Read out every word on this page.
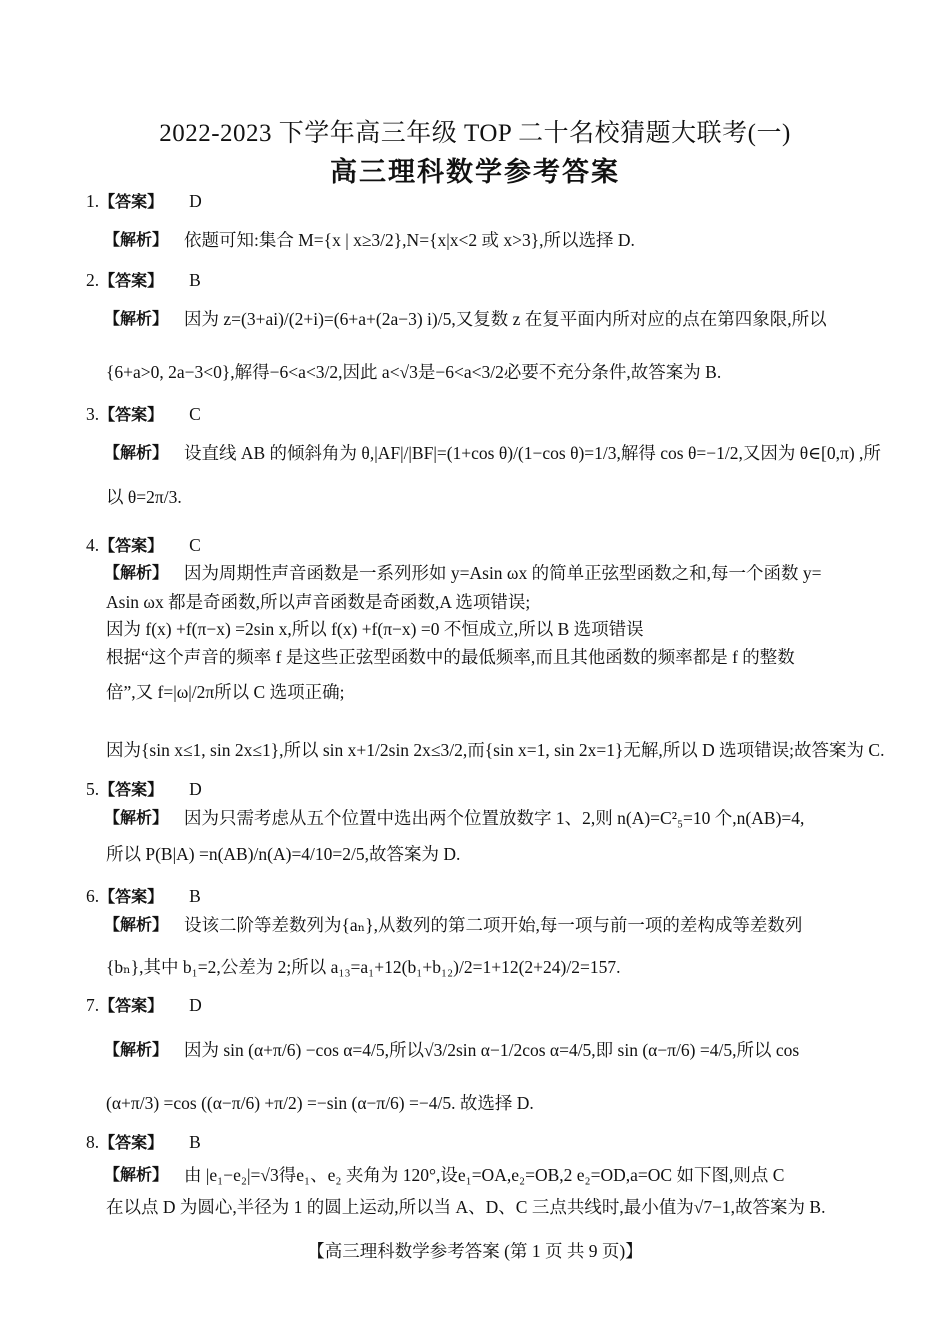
2022-2023 下学年高三年级 TOP 二十名校猜题大联考(一)
高三理科数学参考答案
1.【答案】 D
【解析】 依题可知:集合 M={x | x≥3/2},N={x|x<2 或 x>3},所以选择 D.
2.【答案】 B
【解析】 因为 z=(3+ai)/(2+i)=(6+a+(2a−3) i)/5,又复数 z 在复平面内所对应的点在第四象限,所以
{6+a>0, 2a−3<0},解得−6<a<3/2,因此 a<√3是−6<a<3/2必要不充分条件,故答案为 B.
3.【答案】 C
【解析】 设直线 AB 的倾斜角为 θ,|AF|/|BF|=(1+cos θ)/(1−cos θ)=1/3,解得 cos θ=−1/2,又因为 θ∈[0,π) ,所
以 θ=2π/3.
4.【答案】 C
【解析】 因为周期性声音函数是一系列形如 y=Asin ωx 的简单正弦型函数之和,每一个函数 y=
Asin ωx 都是奇函数,所以声音函数是奇函数,A 选项错误;
因为 f(x) +f(π−x) =2sin x,所以 f(x) +f(π−x) =0 不恒成立,所以 B 选项错误
根据“这个声音的频率 f 是这些正弦型函数中的最低频率,而且其他函数的频率都是 f 的整数
倍”,又 f=|ω|/2π所以 C 选项正确;
因为{sin x≤1, sin 2x≤1},所以 sin x+1/2sin 2x≤3/2,而{sin x=1, sin 2x=1}无解,所以 D 选项错误;故答案为 C.
5.【答案】 D
【解析】 因为只需考虑从五个位置中选出两个位置放数字 1、2,则 n(A)=C²₅=10 个,n(AB)=4,
所以 P(B|A) =n(AB)/n(A)=4/10=2/5,故答案为 D.
6.【答案】 B
【解析】 设该二阶等差数列为{aₙ},从数列的第二项开始,每一项与前一项的差构成等差数列
{bₙ},其中 b₁=2,公差为 2;所以 a₁₃=a₁+12(b₁+b₁₂)/2=1+12(2+24)/2=157.
7.【答案】 D
【解析】 因为 sin (α+π/6) −cos α=4/5,所以√3/2sin α−1/2cos α=4/5,即 sin (α−π/6) =4/5,所以 cos
(α+π/3) =cos ((α−π/6) +π/2) =−sin (α−π/6) =−4/5. 故选择 D.
8.【答案】 B
【解析】 由 |e₁−e₂|=√3得e₁、e₂ 夹角为 120°,设e₁=OA,e₂=OB,2 e₂=OD,a=OC 如下图,则点 C
在以点 D 为圆心,半径为 1 的圆上运动,所以当 A、D、C 三点共线时,最小值为√7−1,故答案为 B.
【高三理科数学参考答案 (第 1 页 共 9 页)】
